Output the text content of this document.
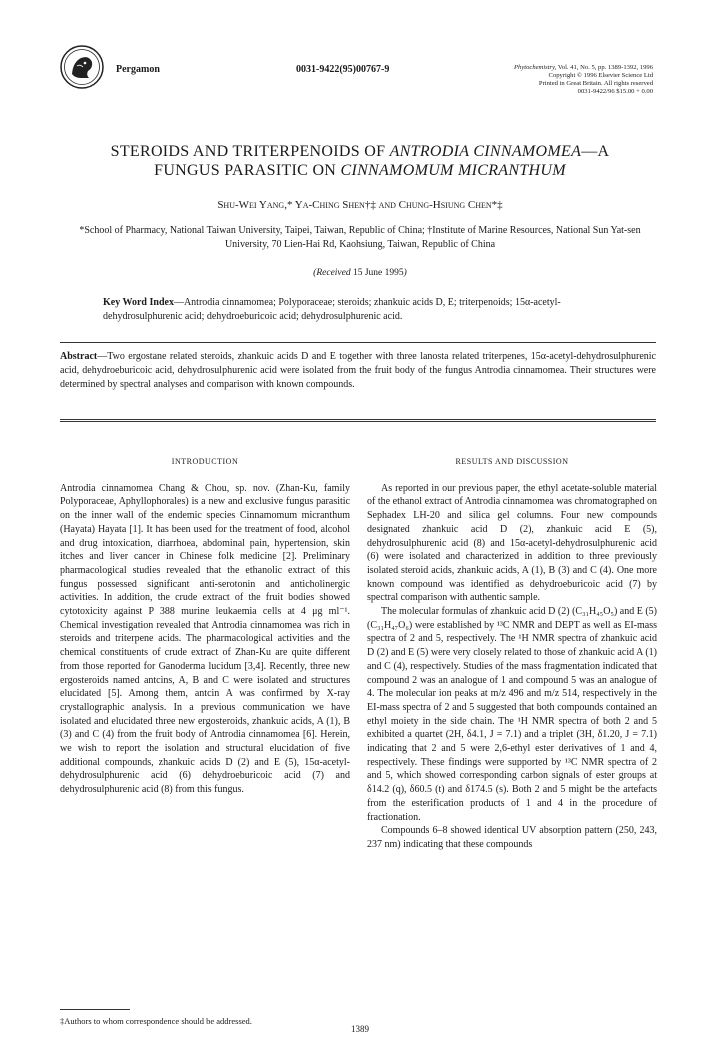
Pergamon	0031-9422(95)00767-9	Phytochemistry, Vol. 41, No. 5, pp. 1389-1392, 1996
Copyright © 1996 Elsevier Science Ltd
Printed in Great Britain. All rights reserved
0031-9422/96 $15.00 + 0.00
STEROIDS AND TRITERPENOIDS OF ANTRODIA CINNAMOMEA—A
FUNGUS PARASITIC ON CINNAMOMUM MICRANTHUM
Shu-Wei Yang,* Ya-Ching Shen†‡ and Chung-Hsiung Chen*‡
*School of Pharmacy, National Taiwan University, Taipei, Taiwan, Republic of China; †Institute of Marine Resources, National Sun Yat-sen University, 70 Lien-Hai Rd, Kaohsiung, Taiwan, Republic of China
(Received 15 June 1995)
Key Word Index—Antrodia cinnamomea; Polyporaceae; steroids; zhankuic acids D, E; triterpenoids; 15α-acetyl-dehydrosulphurenic acid; dehydroeburicoic acid; dehydrosulphurenic acid.
Abstract—Two ergostane related steroids, zhankuic acids D and E together with three lanosta related triterpenes, 15α-acetyl-dehydrosulphurenic acid, dehydroeburicoic acid, dehydrosulphurenic acid were isolated from the fruit body of the fungus Antrodia cinnamomea. Their structures were determined by spectral analyses and comparison with known compounds.
INTRODUCTION

Antrodia cinnamomea Chang & Chou, sp. nov. (Zhan-Ku, family Polyporaceae, Aphyllophorales) is a new and exclusive fungus parasitic on the inner wall of the endemic species Cinnamomum micranthum (Hayata) Hayata [1]. It has been used for the treatment of food, alcohol and drug intoxication, diarrhoea, abdominal pain, hypertension, skin itches and liver cancer in Chinese folk medicine [2]. Preliminary pharmacological studies revealed that the ethanolic extract of this fungus possessed significant anti-serotonin and anticholinergic activities. In addition, the crude extract of the fruit bodies showed cytotoxicity against P 388 murine leukaemia cells at 4 μg ml⁻¹. Chemical investigation revealed that Antrodia cinnamomea was rich in steroids and triterpene acids. The pharmacological activities and the chemical constituents of crude extract of Zhan-Ku are quite different from those reported for Ganoderma lucidum [3,4]. Recently, three new ergosteroids named antcins, A, B and C were isolated and structures elucidated [5]. Among them, antcin A was confirmed by X-ray crystallographic analysis. In a previous communication we have isolated and elucidated three new ergosteroids, zhankuic acids, A (1), B (3) and C (4) from the fruit body of Antrodia cinnamomea [6]. Herein, we wish to report the isolation and structural elucidation of five additional compounds, zhankuic acids D (2) and E (5), 15α-acetyl-dehydrosulphurenic acid (6) dehydroeburicoic acid (7) and dehydrosulphurenic acid (8) from this fungus.

RESULTS AND DISCUSSION

As reported in our previous paper, the ethyl acetate-soluble material of the ethanol extract of Antrodia cinnamomea was chromatographed on Sephadex LH-20 and silica gel columns. Four new compounds designated zhankuic acid D (2), zhankuic acid E (5), dehydrosulphurenic acid (8) and 15α-acetyl-dehydrosulphurenic acid (6) were isolated and characterized in addition to three previously isolated steroid acids, zhankuic acids, A (1), B (3) and C (4). One more known compound was identified as dehydroeburicoic acid (7) by spectral comparison with authentic sample.

The molecular formulas of zhankuic acid D (2) (C₃₁H₄₅O₅) and E (5) (C₃₁H₄₇O₆) were established by ¹³C NMR and DEPT as well as EI-mass spectra of 2 and 5, respectively. The ¹H NMR spectra of zhankuic acid D (2) and E (5) were very closely related to those of zhankuic acid A (1) and C (4), respectively. Studies of the mass fragmentation indicated that compound 2 was an analogue of 1 and compound 5 was an analogue of 4. The molecular ion peaks at m/z 496 and m/z 514, respectively in the EI-mass spectra of 2 and 5 suggested that both compounds contained an ethyl moiety in the side chain. The ¹H NMR spectra of both 2 and 5 exhibited a quartet (2H, δ4.1, J = 7.1) and a triplet (3H, δ1.20, J = 7.1) indicating that 2 and 5 were 2,6-ethyl ester derivatives of 1 and 4, respectively. These findings were supported by ¹³C NMR spectra of 2 and 5, which showed corresponding carbon signals of ester groups at δ14.2 (q), δ60.5 (t) and δ174.5 (s). Both 2 and 5 might be the artefacts from the esterification products of 1 and 4 in the procedure of fractionation.

Compounds 6–8 showed identical UV absorption pattern (250, 243, 237 nm) indicating that these compounds

‡Authors to whom correspondence should be addressed.
1389
